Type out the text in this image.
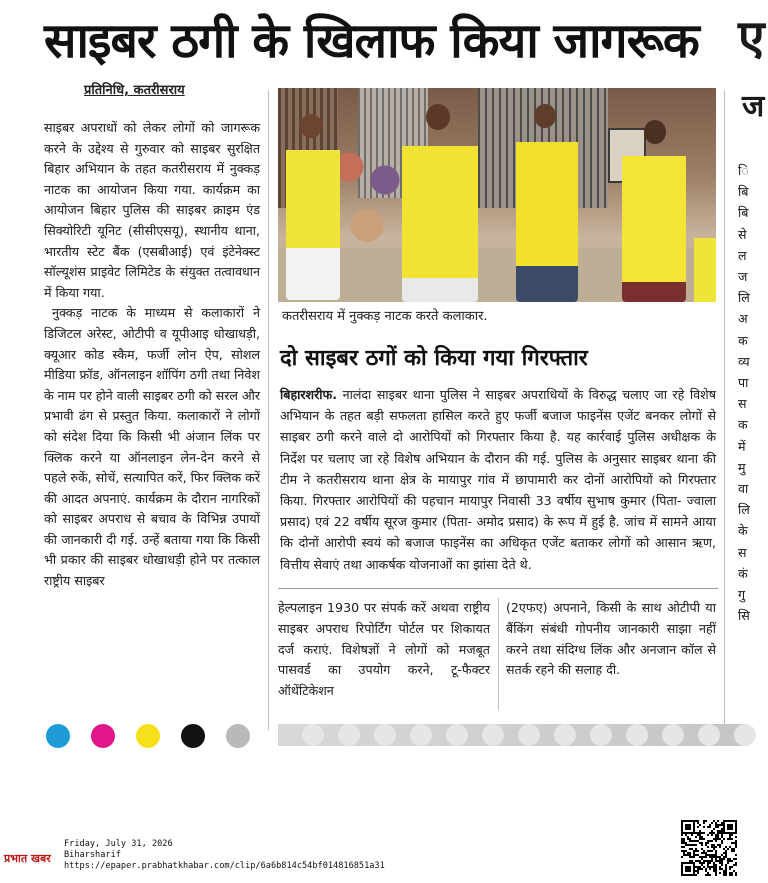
साइबर ठगी के खिलाफ किया जागरूक
प्रतिनिधि, कतरीसराय

साइबर अपराधों को लेकर लोगों को जागरूक करने के उद्देश्य से गुरुवार को साइबर सुरक्षित बिहार अभियान के तहत कतरीसराय में नुक्कड़ नाटक का आयोजन किया गया. कार्यक्रम का आयोजन बिहार पुलिस की साइबर क्राइम एंड सिक्योरिटी यूनिट (सीसीएसयू), स्थानीय थाना, भारतीय स्टेट बैंक (एसबीआई) एवं इंटेनेक्स्ट सॉल्यूशंस प्राइवेट लिमिटेड के संयुक्त तत्वावधान में किया गया.

नुक्कड़ नाटक के माध्यम से कलाकारों ने डिजिटल अरेस्ट, ओटीपी व यूपीआइ धोखाधड़ी, क्यूआर कोड स्कैम, फर्जी लोन ऐप, सोशल मीडिया फ्रॉड, ऑनलाइन शॉपिंग ठगी तथा निवेश के नाम पर होने वाली साइबर ठगी को सरल और प्रभावी ढंग से प्रस्तुत किया. कलाकारों ने लोगों को संदेश दिया कि किसी भी अंजान लिंक पर क्लिक करने या ऑनलाइन लेन-देन करने से पहले रुकें, सोचें, सत्यापित करें, फिर क्लिक करें की आदत अपनाएं. कार्यक्रम के दौरान नागरिकों को साइबर अपराध से बचाव के विभिन्न उपायों की जानकारी दी गई. उन्हें बताया गया कि किसी भी प्रकार की साइबर धोखाधड़ी होने पर तत्काल राष्ट्रीय साइबर

कतरीसराय में नुक्कड़ नाटक करते कलाकार.
दो साइबर ठगों को किया गया गिरफ्तार
बिहारशरीफ. नालंदा साइबर थाना पुलिस ने साइबर अपराधियों के विरुद्ध चलाए जा रहे विशेष अभियान के तहत बड़ी सफलता हासिल करते हुए फर्जी बजाज फाइनेंस एजेंट बनकर लोगों से साइबर ठगी करने वाले दो आरोपियों को गिरफ्तार किया है. यह कार्रवाई पुलिस अधीक्षक के निर्देश पर चलाए जा रहे विशेष अभियान के दौरान की गई. पुलिस के अनुसार साइबर थाना की टीम ने कतरीसराय थाना क्षेत्र के मायापुर गांव में छापामारी कर दोनों आरोपियों को गिरफ्तार किया. गिरफ्तार आरोपियों की पहचान मायापुर निवासी 33 वर्षीय सुभाष कुमार (पिता- ज्वाला प्रसाद) एवं 22 वर्षीय सूरज कुमार (पिता- अमोद प्रसाद) के रूप में हुई है. जांच में सामने आया कि दोनों आरोपी स्वयं को बजाज फाइनेंस का अधिकृत एजेंट बताकर लोगों को आसान ऋण, वित्तीय सेवाएं तथा आकर्षक योजनाओं का झांसा देते थे.
हेल्पलाइन 1930 पर संपर्क करें अथवा राष्ट्रीय साइबर अपराध रिपोर्टिंग पोर्टल पर शिकायत दर्ज कराएं. विशेषज्ञों ने लोगों को मजबूत पासवर्ड का उपयोग करने, टू-फैक्टर ऑथेंटिकेशन
(2एफए) अपनाने, किसी के साथ ओटीपी या बैंकिंग संबंधी गोपनीय जानकारी साझा नहीं करने तथा संदिग्ध लिंक और अनजान कॉल से सतर्क रहने की सलाह दी.
ए
ज
ि
बि
बि
से
ल
ज
लि
अ
क
व्य
पा
स
क
में
मु
वा
लि
के
स
कं
गु
सि
प्रभात खबर
Friday, July 31, 2026
Biharsharif
https://epaper.prabhatkhabar.com/clip/6a6b814c54bf014816851a31
